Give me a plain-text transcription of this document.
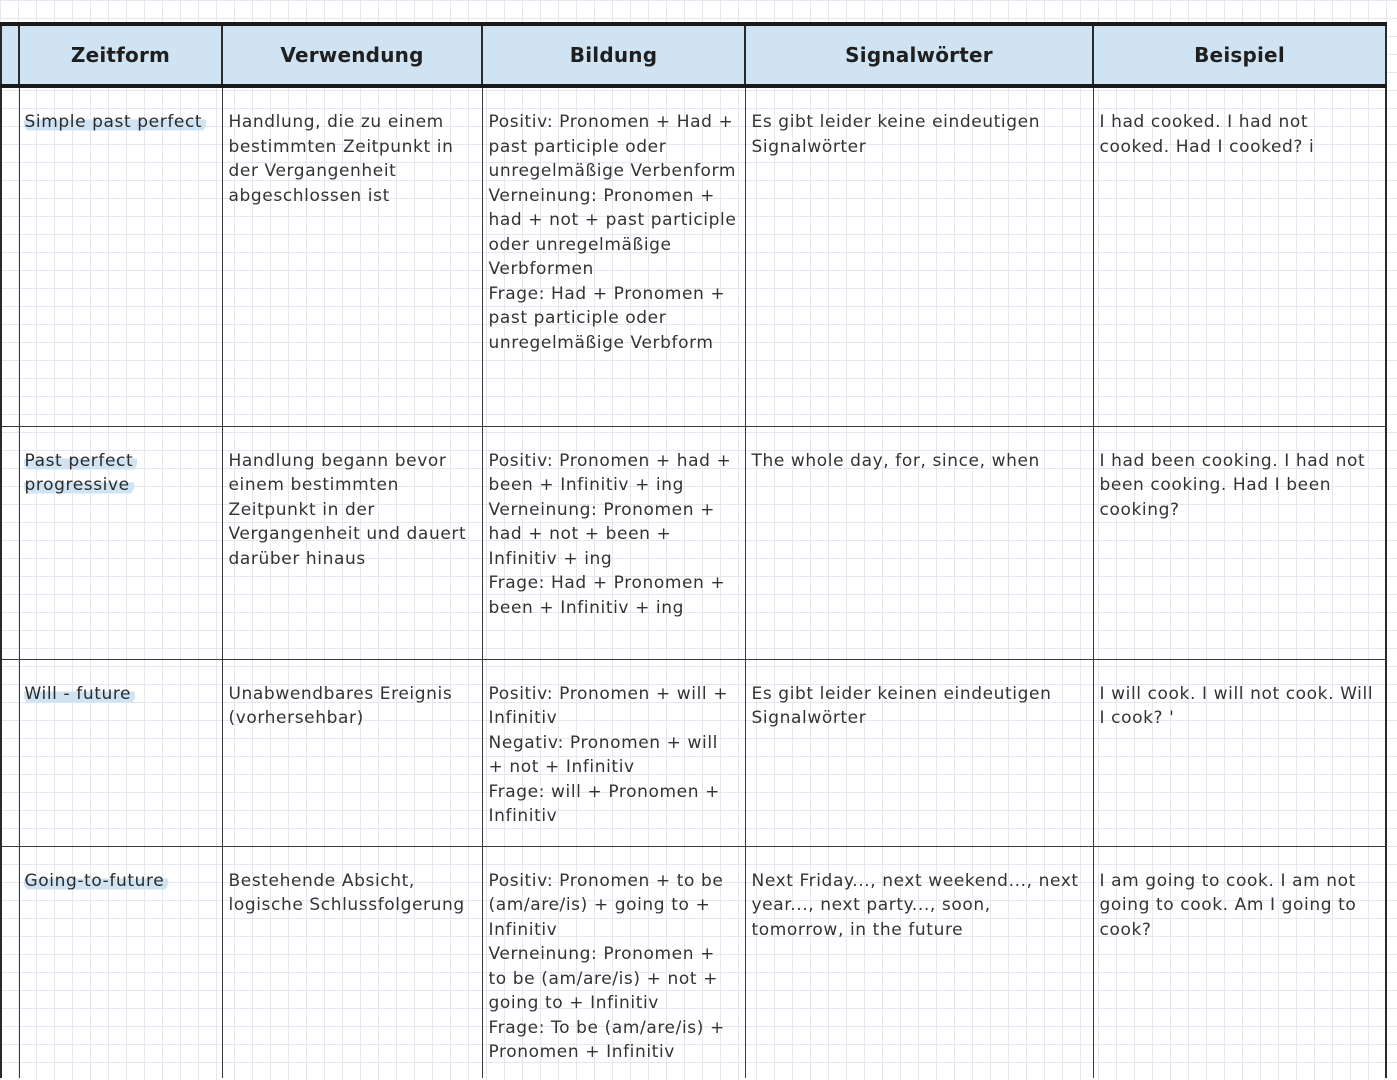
	Zeitform	Verwendung	Bildung	Signalwörter	Beispiel
	Simple past perfect	Handlung, die zu einem bestimmten Zeitpunkt in der Vergangenheit abgeschlossen ist	Positiv: Pronomen + Had + past participle oder unregelmäßige Verbenform
Verneinung: Pronomen + had + not + past participle oder unregelmäßige Verbformen
Frage: Had + Pronomen + past participle oder unregelmäßige Verbform	Es gibt leider keine eindeutigen Signalwörter	I had cooked. I had not cooked. Had I cooked? i
	Past perfect progressive	Handlung begann bevor einem bestimmten Zeitpunkt in der Vergangenheit und dauert darüber hinaus	Positiv: Pronomen + had + been + Infinitiv + ing
Verneinung: Pronomen + had + not + been + Infinitiv + ing
Frage: Had + Pronomen + been + Infinitiv + ing	The whole day, for, since, when	I had been cooking. I had not been cooking. Had I been cooking?
	Will - future	Unabwendbares Ereignis (vorhersehbar)	Positiv: Pronomen + will + Infinitiv
Negativ: Pronomen + will + not + Infinitiv
Frage: will + Pronomen + Infinitiv	Es gibt leider keinen eindeutigen Signalwörter	I will cook. I will not cook. Will I cook? '
	Going-to-future	Bestehende Absicht, logische Schlussfolgerung	Positiv: Pronomen + to be (am/are/is) + going to + Infinitiv
Verneinung: Pronomen + to be (am/are/is) + not + going to + Infinitiv
Frage: To be (am/are/is) + Pronomen + Infinitiv	Next Friday..., next weekend..., next year..., next party..., soon, tomorrow, in the future	I am going to cook. I am not going to cook. Am I going to cook?
